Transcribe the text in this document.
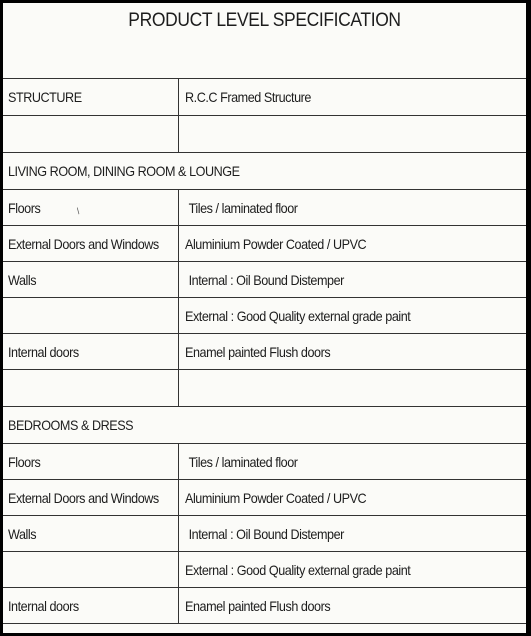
PRODUCT LEVEL SPECIFICATION
STRUCTURE	R.C.C Framed Structure

LIVING ROOM, DINING ROOM & LOUNGE	
Floors	Tiles / laminated floor
External Doors and Windows	Aluminium Powder Coated / UPVC
Walls	Internal : Oil Bound Distemper
	External : Good Quality external grade paint
Internal doors	Enamel painted Flush doors

BEDROOMS & DRESS	
Floors	Tiles / laminated floor
External Doors and Windows	Aluminium Powder Coated / UPVC
Walls	Internal : Oil Bound Distemper
	External : Good Quality external grade paint
Internal doors	Enamel painted Flush doors
/
